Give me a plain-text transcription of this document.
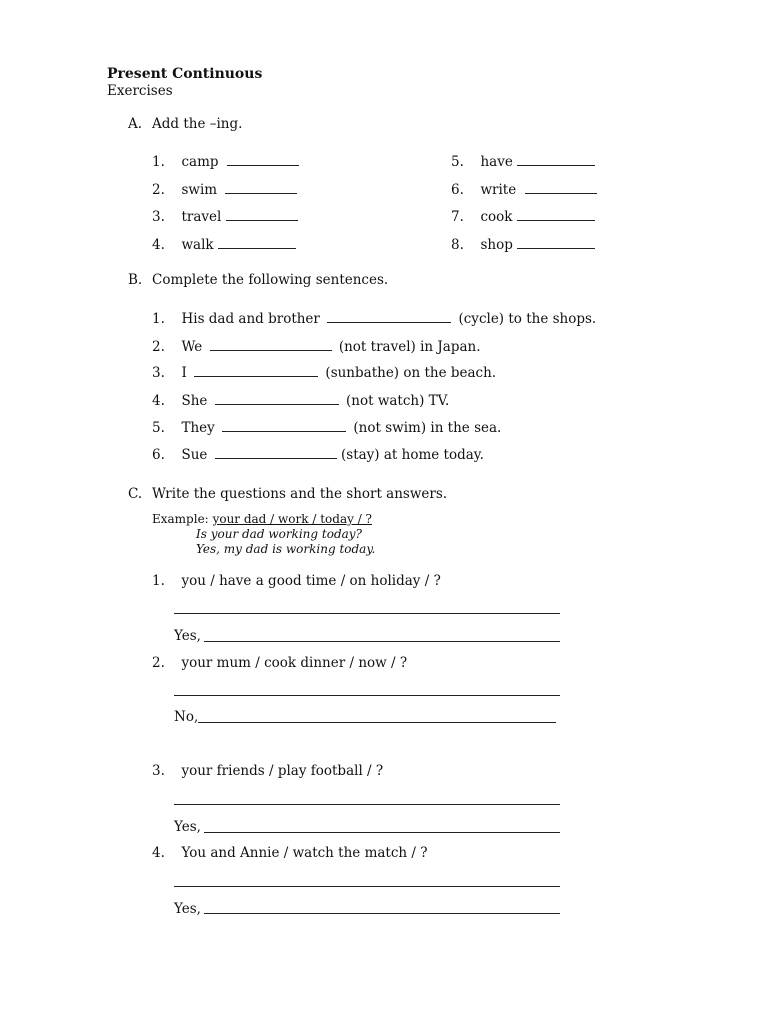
Present Continuous
Exercises
A. Add the –ing.
1. camp
2. swim
3. travel
4. walk
5. have
6. write
7. cook
8. shop
B. Complete the following sentences.
1. His dad and brother	(cycle) to the shops.
2. We	(not travel) in Japan.
3. I	(sunbathe) on the beach.
4. She	(not watch) TV.
5. They	(not swim) in the sea.
6. Sue	(stay) at home today.
C. Write the questions and the short answers.
Example: your dad / work / today / ?
Is your dad working today?
Yes, my dad is working today.
1. you / have a good time / on holiday / ?
Yes,
2. your mum / cook dinner / now / ?
No,
3. your friends / play football / ?
Yes,
4. You and Annie / watch the match / ?
Yes,
